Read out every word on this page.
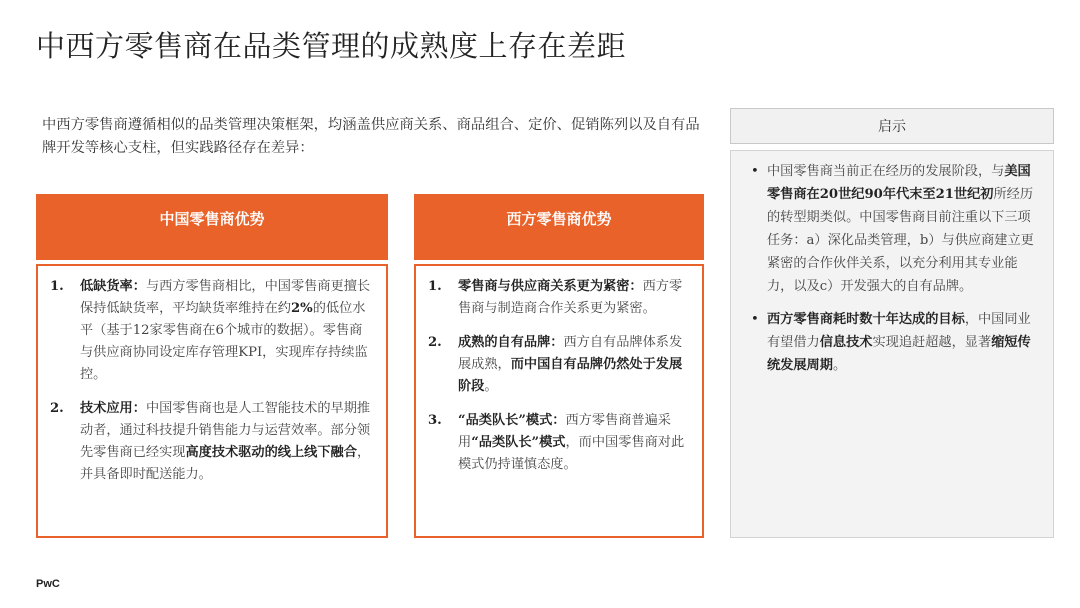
中西方零售商在品类管理的成熟度上存在差距
中西方零售商遵循相似的品类管理决策框架，均涵盖供应商关系、商品组合、定价、促销陈列以及自有品牌开发等核心支柱，但实践路径存在差异：
中国零售商优势
1. 低缺货率：与西方零售商相比，中国零售商更擅长保持低缺货率，平均缺货率维持在约2%的低位水平（基于12家零售商在6个城市的数据）。零售商与供应商协同设定库存管理KPI，实现库存持续监控。
2. 技术应用：中国零售商也是人工智能技术的早期推动者，通过科技提升销售能力与运营效率。部分领先零售商已经实现高度技术驱动的线上线下融合，并具备即时配送能力。
西方零售商优势
1. 零售商与供应商关系更为紧密：西方零售商与制造商合作关系更为紧密。
2. 成熟的自有品牌：西方自有品牌体系发展成熟，而中国自有品牌仍然处于发展阶段。
3. “品类队长”模式：西方零售商普遍采用“品类队长”模式，而中国零售商对此模式仍持谨慎态度。
启示
• 中国零售商当前正在经历的发展阶段，与美国零售商在20世纪90年代末至21世纪初所经历的转型期类似。中国零售商目前注重以下三项任务：a）深化品类管理，b）与供应商建立更紧密的合作伙伴关系，以充分利用其专业能力，以及c）开发强大的自有品牌。
• 西方零售商耗时数十年达成的目标，中国同业有望借力信息技术实现追赶超越，显著缩短传统发展周期。
PwC
